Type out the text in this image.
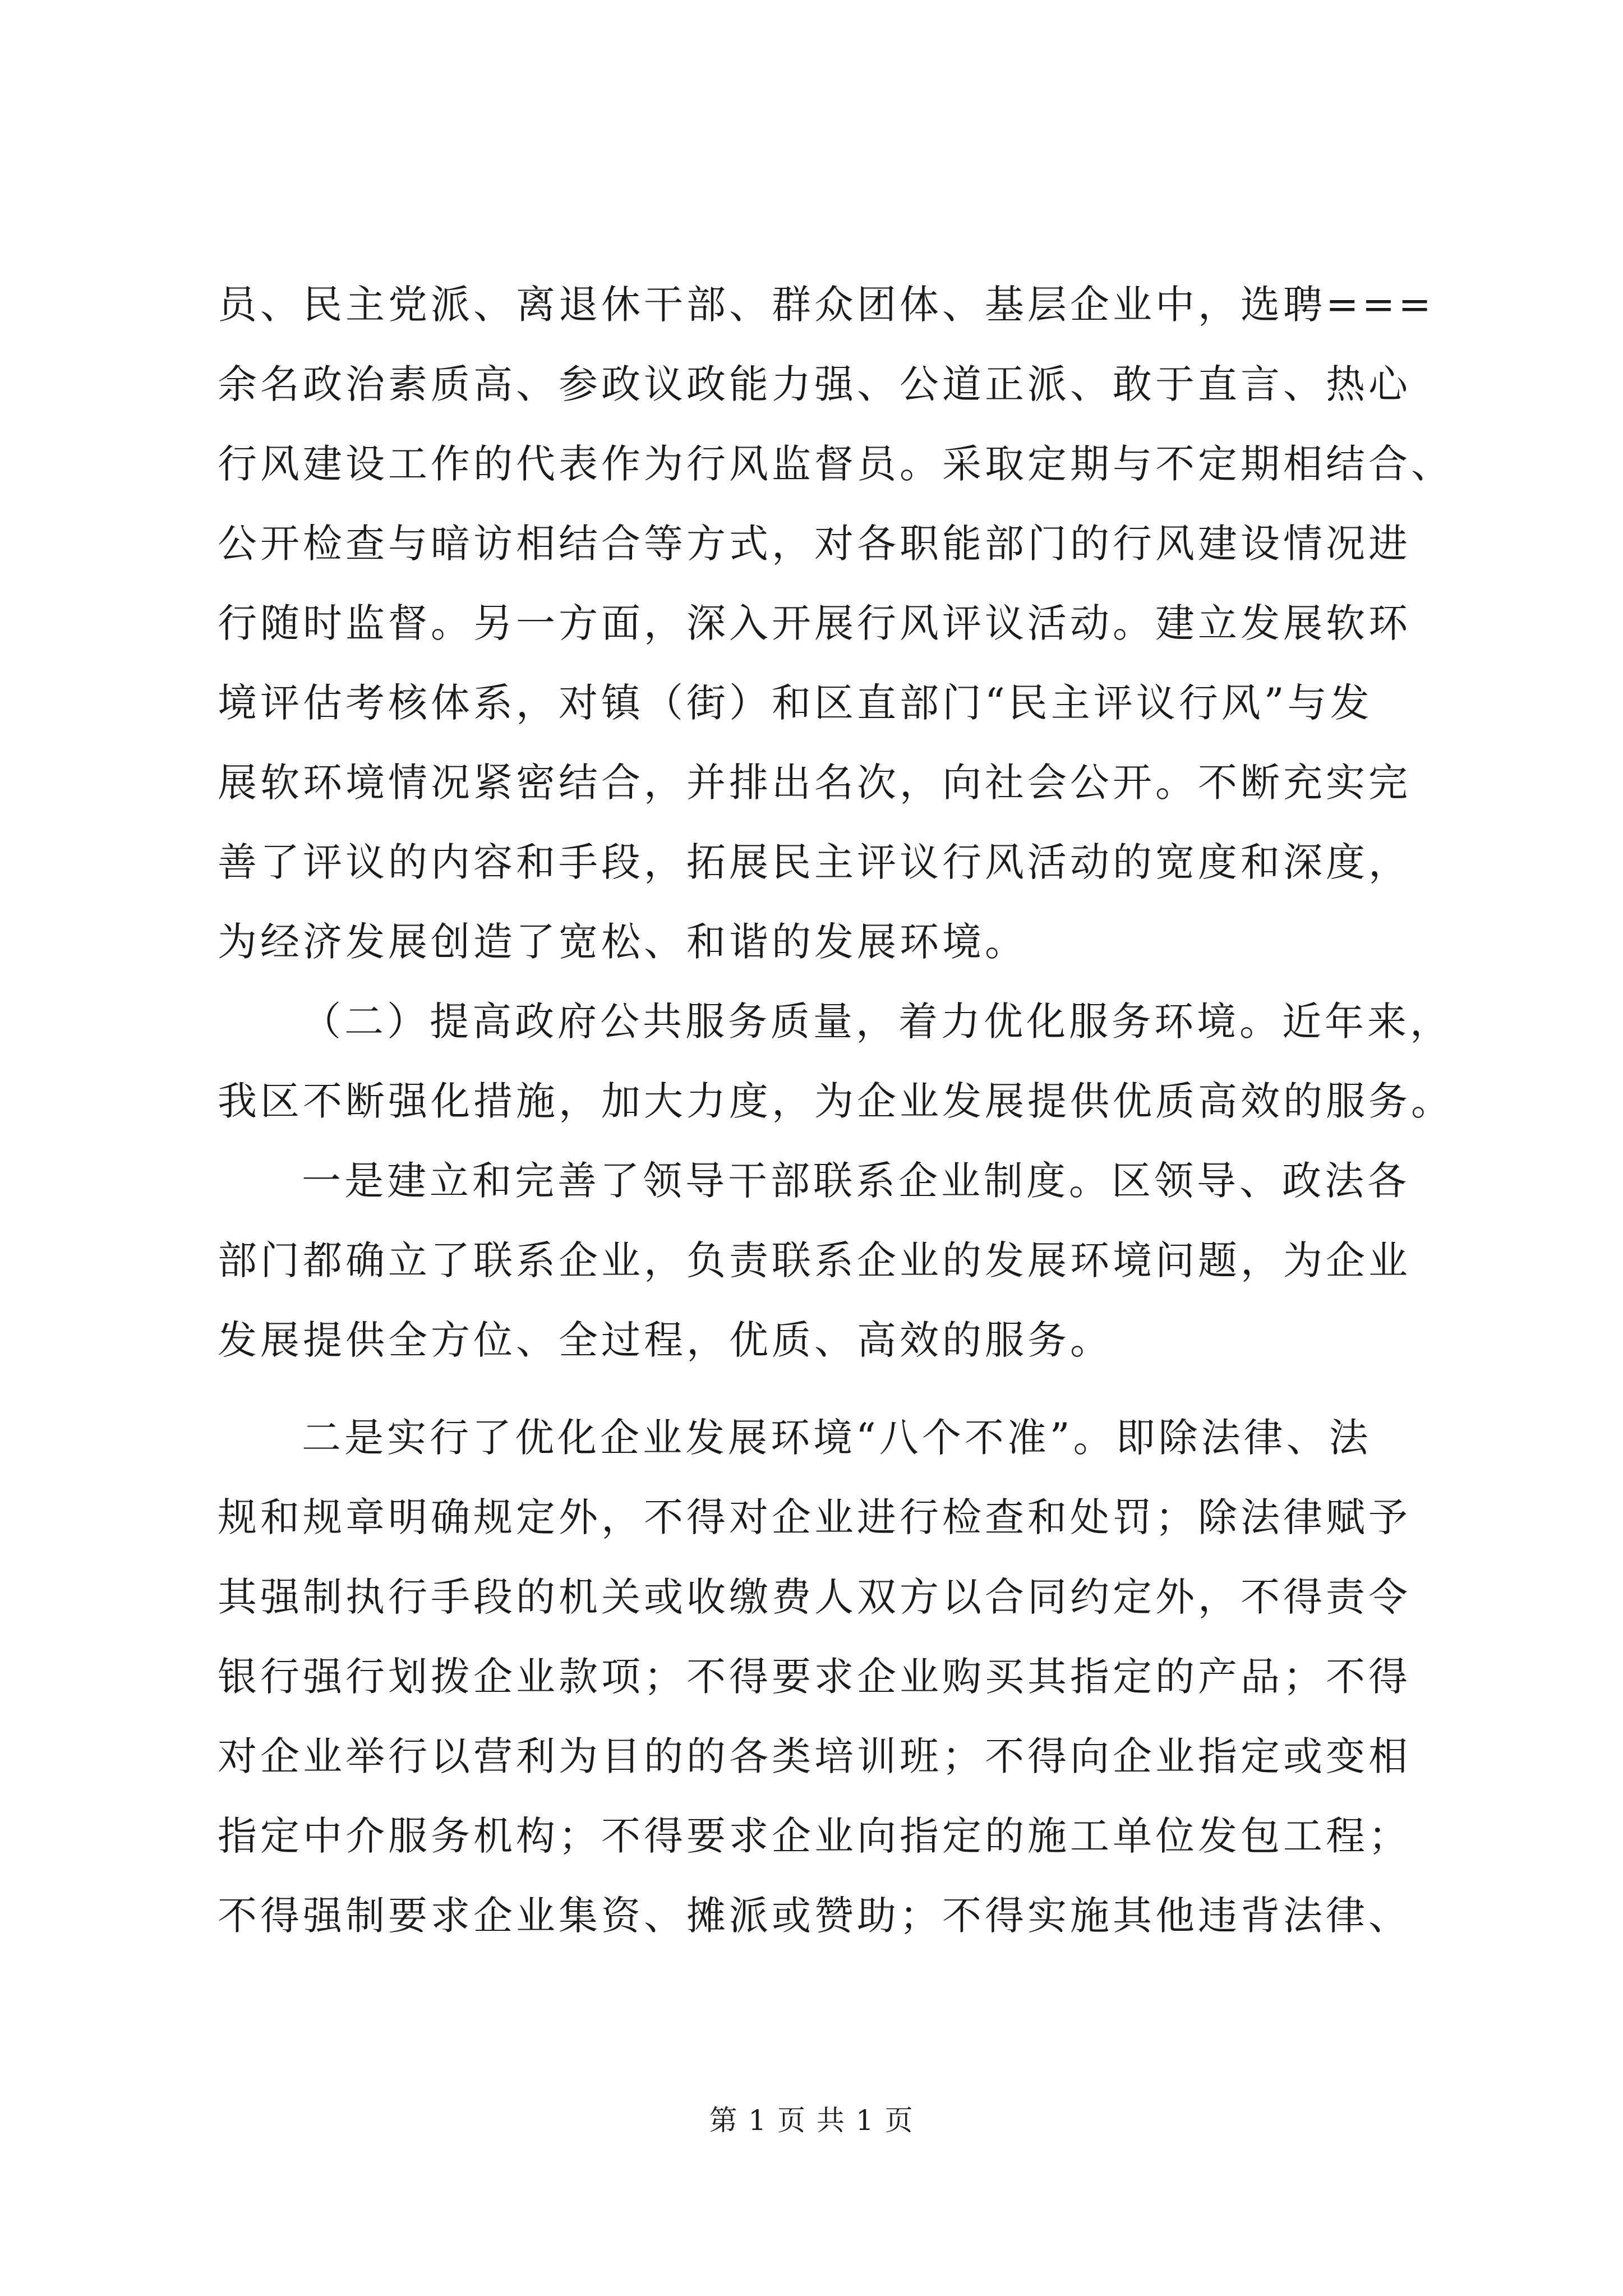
员、民主党派、离退休干部、群众团体、基层企业中，选聘===
余名政治素质高、参政议政能力强、公道正派、敢于直言、热心
行风建设工作的代表作为行风监督员。采取定期与不定期相结合、
公开检查与暗访相结合等方式，对各职能部门的行风建设情况进
行随时监督。另一方面，深入开展行风评议活动。建立发展软环
境评估考核体系，对镇（街）和区直部门“民主评议行风”与发
展软环境情况紧密结合，并排出名次，向社会公开。不断充实完
善了评议的内容和手段，拓展民主评议行风活动的宽度和深度，
为经济发展创造了宽松、和谐的发展环境。
（二）提高政府公共服务质量，着力优化服务环境。近年来，
我区不断强化措施，加大力度，为企业发展提供优质高效的服务。
一是建立和完善了领导干部联系企业制度。区领导、政法各
部门都确立了联系企业，负责联系企业的发展环境问题，为企业
发展提供全方位、全过程，优质、高效的服务。
二是实行了优化企业发展环境“八个不准”。即除法律、法
规和规章明确规定外，不得对企业进行检查和处罚；除法律赋予
其强制执行手段的机关或收缴费人双方以合同约定外，不得责令
银行强行划拨企业款项；不得要求企业购买其指定的产品；不得
对企业举行以营利为目的的各类培训班；不得向企业指定或变相
指定中介服务机构；不得要求企业向指定的施工单位发包工程；
不得强制要求企业集资、摊派或赞助；不得实施其他违背法律、
第 1 页 共 1 页
